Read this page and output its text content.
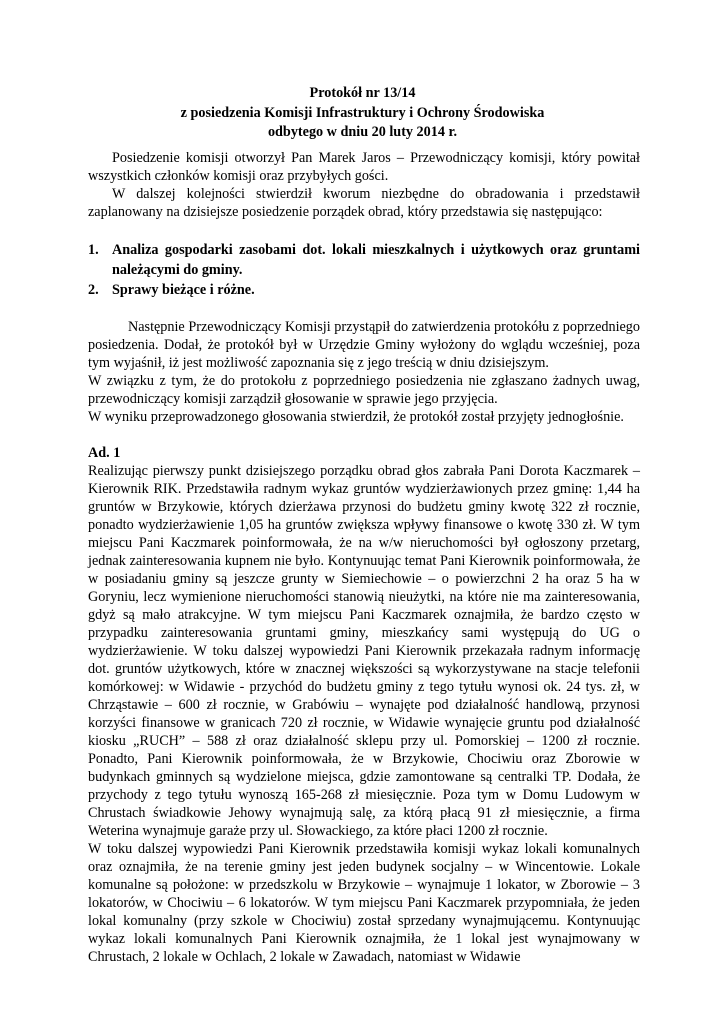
Protokół nr 13/14
z posiedzenia Komisji Infrastruktury i Ochrony Środowiska
odbytego w dniu 20 luty 2014 r.

Posiedzenie komisji otworzył Pan Marek Jaros – Przewodniczący komisji, który powitał wszystkich członków komisji oraz przybyłych gości.

W dalszej kolejności stwierdził kworum niezbędne do obradowania i przedstawił zaplanowany na dzisiejsze posiedzenie porządek obrad, który przedstawia się następująco:

1. Analiza gospodarki zasobami dot. lokali mieszkalnych i użytkowych oraz gruntami należącymi do gminy.
2. Sprawy bieżące i różne.

Następnie Przewodniczący Komisji przystąpił do zatwierdzenia protokółu z poprzedniego posiedzenia. Dodał, że protokół był w Urzędzie Gminy wyłożony do wglądu wcześniej, poza tym wyjaśnił, iż jest możliwość zapoznania się z jego treścią w dniu dzisiejszym.

W związku z tym, że do protokołu z poprzedniego posiedzenia nie zgłaszano żadnych uwag, przewodniczący komisji zarządził głosowanie w sprawie jego przyjęcia.

W wyniku przeprowadzonego głosowania stwierdził, że protokół został przyjęty jednogłośnie.

Ad. 1

Realizując pierwszy punkt dzisiejszego porządku obrad głos zabrała Pani Dorota Kaczmarek – Kierownik RIK. Przedstawiła radnym wykaz gruntów wydzierżawionych przez gminę: 1,44 ha gruntów w Brzykowie, których dzierżawa przynosi do budżetu gminy kwotę 322 zł rocznie, ponadto wydzierżawienie 1,05 ha gruntów zwiększa wpływy finansowe o kwotę 330 zł. W tym miejscu Pani Kaczmarek poinformowała, że na w/w nieruchomości był ogłoszony przetarg, jednak zainteresowania kupnem nie było. Kontynuując temat Pani Kierownik poinformowała, że w posiadaniu gminy są jeszcze grunty w Siemiechowie – o powierzchni 2 ha oraz 5 ha w Goryniu, lecz wymienione nieruchomości stanowią nieużytki, na które nie ma zainteresowania, gdyż są mało atrakcyjne. W tym miejscu Pani Kaczmarek oznajmiła, że bardzo często w przypadku zainteresowania gruntami gminy, mieszkańcy sami występują do UG o wydzierżawienie. W toku dalszej wypowiedzi Pani Kierownik przekazała radnym informację dot. gruntów użytkowych, które w znacznej większości są wykorzystywane na stacje telefonii komórkowej: w Widawie - przychód do budżetu gminy z tego tytułu wynosi ok. 24 tys. zł, w Chrząstawie – 600 zł rocznie, w Grabówiu – wynajęte pod działalność handlową, przynosi korzyści finansowe w granicach 720 zł rocznie, w Widawie wynajęcie gruntu pod działalność kiosku „RUCH” – 588 zł oraz działalność sklepu przy ul. Pomorskiej – 1200 zł rocznie. Ponadto, Pani Kierownik poinformowała, że w Brzykowie, Chociwiu oraz Zborowie w budynkach gminnych są wydzielone miejsca, gdzie zamontowane są centralki TP. Dodała, że przychody z tego tytułu wynoszą 165-268 zł miesięcznie. Poza tym w Domu Ludowym w Chrustach świadkowie Jehowy wynajmują salę, za którą płacą 91 zł miesięcznie, a firma Weterina wynajmuje garaże przy ul. Słowackiego, za które płaci 1200 zł rocznie.

W toku dalszej wypowiedzi Pani Kierownik przedstawiła komisji wykaz lokali komunalnych oraz oznajmiła, że na terenie gminy jest jeden budynek socjalny – w Wincentowie. Lokale komunalne są położone: w przedszkolu w Brzykowie – wynajmuje 1 lokator, w Zborowie – 3 lokatorów, w Chociwiu – 6 lokatorów. W tym miejscu Pani Kaczmarek przypomniała, że jeden lokal komunalny (przy szkole w Chociwiu) został sprzedany wynajmującemu. Kontynuując wykaz lokali komunalnych Pani Kierownik oznajmiła, że 1 lokal jest wynajmowany w Chrustach, 2 lokale w Ochlach, 2 lokale w Zawadach, natomiast w Widawie
